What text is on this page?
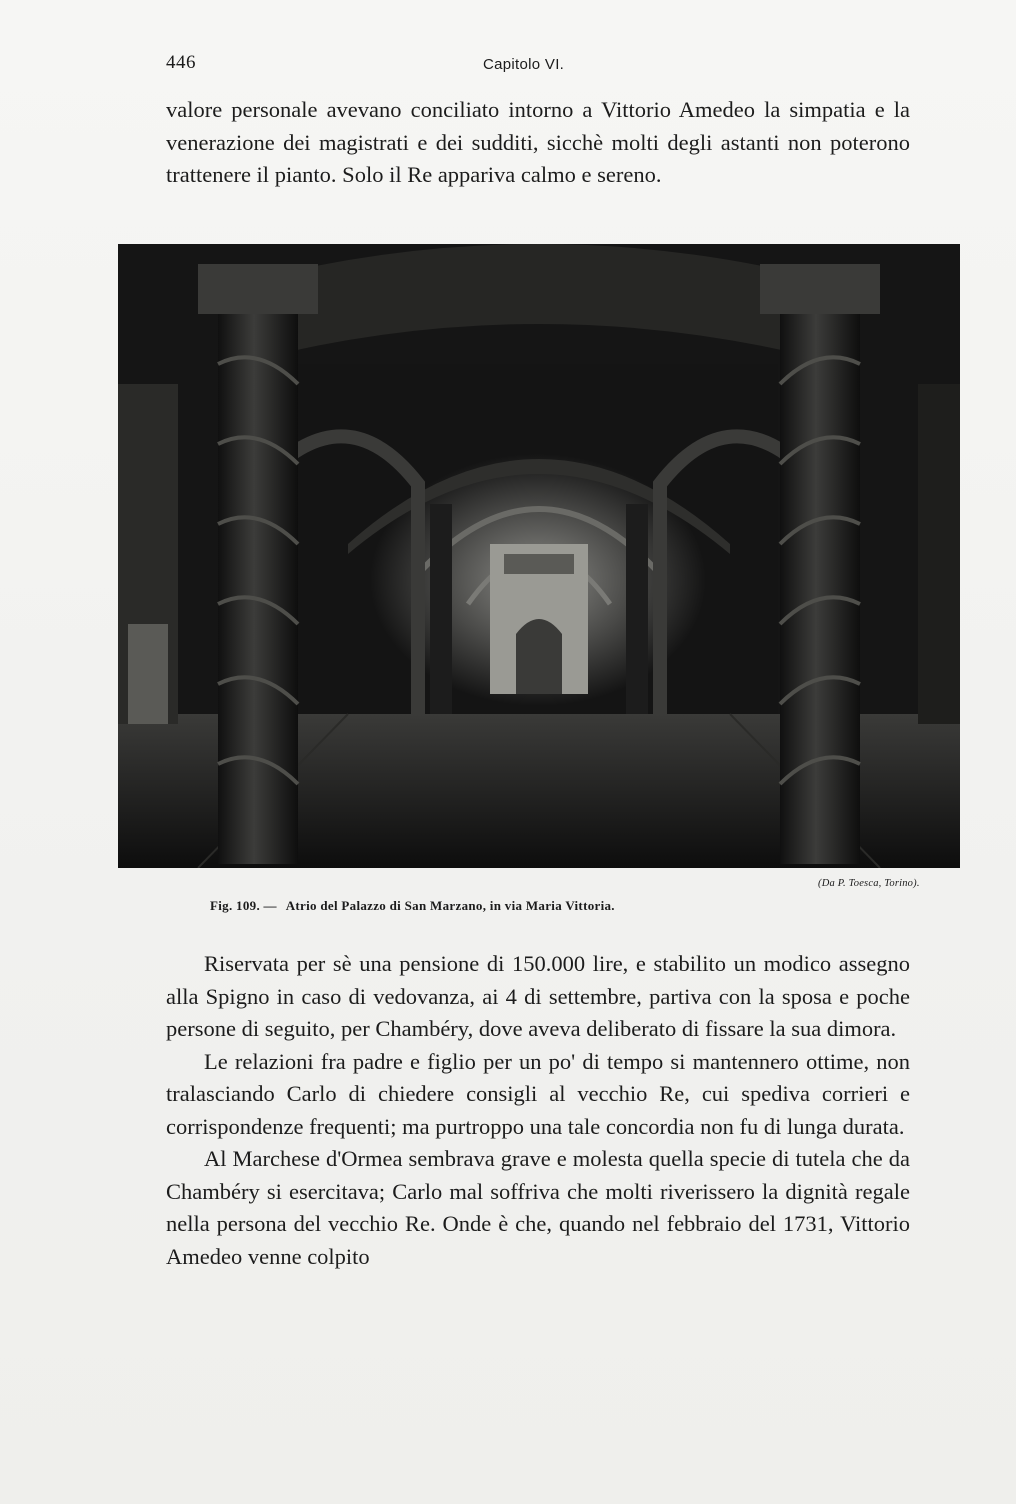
446	Capitolo VI.

valore personale avevano conciliato intorno a Vittorio Amedeo la simpatia e la venerazione dei magistrati e dei sudditi, sicchè molti degli astanti non poterono trattenere il pianto. Solo il Re appariva calmo e sereno.

(Da P. Toesca, Torino).
Fig. 109. — Atrio del Palazzo di San Marzano, in via Maria Vittoria.

Riservata per sè una pensione di 150.000 lire, e stabilito un modico assegno alla Spigno in caso di vedovanza, ai 4 di settembre, partiva con la sposa e poche persone di seguito, per Chambéry, dove aveva deliberato di fissare la sua dimora.

Le relazioni fra padre e figlio per un po' di tempo si mantennero ottime, non tralasciando Carlo di chiedere consigli al vecchio Re, cui spediva corrieri e corrispondenze frequenti; ma purtroppo una tale concordia non fu di lunga durata.

Al Marchese d'Ormea sembrava grave e molesta quella specie di tutela che da Chambéry si esercitava; Carlo mal soffriva che molti riverissero la dignità regale nella persona del vecchio Re. Onde è che, quando nel febbraio del 1731, Vittorio Amedeo venne colpito
